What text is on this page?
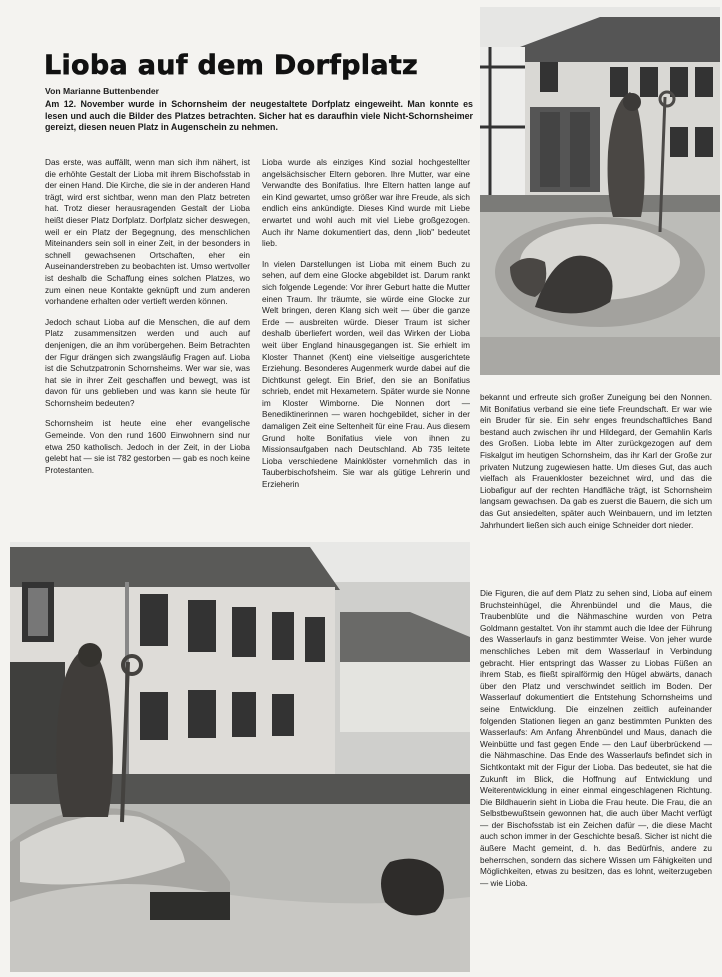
Lioba auf dem Dorfplatz
Von Marianne Buttenbender
Am 12. November wurde in Schornsheim der neugestaltete Dorfplatz eingeweiht. Man konnte es lesen und auch die Bilder des Platzes betrachten. Sicher hat es daraufhin viele Nicht-Schornsheimer gereizt, diesen neuen Platz in Augenschein zu nehmen.

Das erste, was auffällt, wenn man sich ihm nähert, ist die erhöhte Gestalt der Lioba mit ihrem Bischofsstab in der einen Hand. Die Kirche, die sie in der anderen Hand trägt, wird erst sichtbar, wenn man den Platz betreten hat. Trotz dieser herausragenden Gestalt der Lioba heißt dieser Platz Dorfplatz. Dorfplatz sicher deswegen, weil er ein Platz der Begegnung, des menschlichen Miteinanders sein soll in einer Zeit, in der besonders in schnell gewachsenen Ortschaften, eher ein Auseinanderstreben zu beobachten ist. Umso wertvoller ist deshalb die Schaffung eines solchen Platzes, wo zum einen neue Kontakte geknüpft und zum anderen vorhandene erhalten oder vertieft werden können.

Jedoch schaut Lioba auf die Menschen, die auf dem Platz zusammensitzen werden und auch auf denjenigen, die an ihm vorübergehen. Beim Betrachten der Figur drängen sich zwangsläufig Fragen auf. Lioba ist die Schutzpatronin Schornsheims. Wer war sie, was hat sie in ihrer Zeit geschaffen und bewegt, was ist davon für uns geblieben und was kann sie heute für Schornsheim bedeuten?

Schornsheim ist heute eine eher evangelische Gemeinde. Von den rund 1600 Einwohnern sind nur etwa 250 katholisch. Jedoch in der Zeit, in der Lioba gelebt hat — sie ist 782 gestorben — gab es noch keine Protestanten.

Lioba wurde als einziges Kind sozial hochgestellter angelsächsischer Eltern geboren. Ihre Mutter, war eine Verwandte des Bonifatius. Ihre Eltern hatten lange auf ein Kind gewartet, umso größer war ihre Freude, als sich endlich eins ankündigte. Dieses Kind wurde mit Liebe erwartet und wohl auch mit viel Liebe großgezogen. Auch ihr Name dokumentiert das, denn „liob" bedeutet lieb.

In vielen Darstellungen ist Lioba mit einem Buch zu sehen, auf dem eine Glocke abgebildet ist. Darum rankt sich folgende Legende: Vor ihrer Geburt hatte die Mutter einen Traum. Ihr träumte, sie würde eine Glocke zur Welt bringen, deren Klang sich weit — über die ganze Erde — ausbreiten würde. Dieser Traum ist sicher deshalb überliefert worden, weil das Wirken der Lioba weit über England hinausgegangen ist. Sie erhielt im Kloster Thannet (Kent) eine vielseitige ausgerichtete Erziehung. Besonderes Augenmerk wurde dabei auf die Dichtkunst gelegt. Ein Brief, den sie an Bonifatius schrieb, endet mit Hexametern. Später wurde sie Nonne im Kloster Wimborne. Die Nonnen dort — Benediktinerinnen — waren hochgebildet, sicher in der damaligen Zeit eine Seltenheit für eine Frau. Aus diesem Grund holte Bonifatius viele von ihnen zu Missionsaufgaben nach Deutschland. Ab 735 leitete Lioba verschiedene Mainklöster vornehmlich das in Tauberbischofsheim. Sie war als gütige Lehrerin und Erzieherin

bekannt und erfreute sich großer Zuneigung bei den Nonnen. Mit Bonifatius verband sie eine tiefe Freundschaft. Er war wie ein Bruder für sie. Ein sehr enges freundschaftliches Band bestand auch zwischen ihr und Hildegard, der Gemahlin Karls des Großen. Lioba lebte im Alter zurückgezogen auf dem Fiskalgut im heutigen Schornsheim, das ihr Karl der Große zur privaten Nutzung zugewiesen hatte. Um dieses Gut, das auch vielfach als Frauenkloster bezeichnet wird, und das die Liobafigur auf der rechten Handfläche trägt, ist Schornsheim langsam gewachsen. Da gab es zuerst die Bauern, die sich um das Gut ansiedelten, später auch Weinbauern, und im letzten Jahrhundert ließen sich auch einige Schneider dort nieder.

Die Figuren, die auf dem Platz zu sehen sind, Lioba auf einem Bruchsteinhügel, die Ährenbündel und die Maus, die Traubenblüte und die Nähmaschine wurden von Petra Goldmann gestaltet. Von ihr stammt auch die Idee der Führung des Wasserlaufs in ganz bestimmter Weise. Von jeher wurde menschliches Leben mit dem Wasserlauf in Verbindung gebracht. Hier entspringt das Wasser zu Liobas Füßen an ihrem Stab, es fließt spiralförmig den Hügel abwärts, danach über den Platz und verschwindet seitlich im Boden. Der Wasserlauf dokumentiert die Entstehung Schornsheims und seine Entwicklung. Die einzelnen zeitlich aufeinander folgenden Stationen liegen an ganz bestimmten Punkten des Wasserlaufs: Am Anfang Ährenbündel und Maus, danach die Weinbütte und fast gegen Ende — den Lauf überbrückend — die Nähmaschine. Das Ende des Wasserlaufs befindet sich in Sichtkontakt mit der Figur der Lioba. Das bedeutet, sie hat die Zukunft im Blick, die Hoffnung auf Entwicklung und Weiterentwicklung in einer einmal eingeschlagenen Richtung. Die Bildhauerin sieht in Lioba die Frau heute. Die Frau, die an Selbstbewußtsein gewonnen hat, die auch über Macht verfügt — der Bischofsstab ist ein Zeichen dafür —, die diese Macht auch schon immer in der Geschichte besaß. Sicher ist nicht die äußere Macht gemeint, d. h. das Bedürfnis, andere zu beherrschen, sondern das sichere Wissen um Fähigkeiten und Möglichkeiten, etwas zu besitzen, das es lohnt, weiterzugeben — wie Lioba.
